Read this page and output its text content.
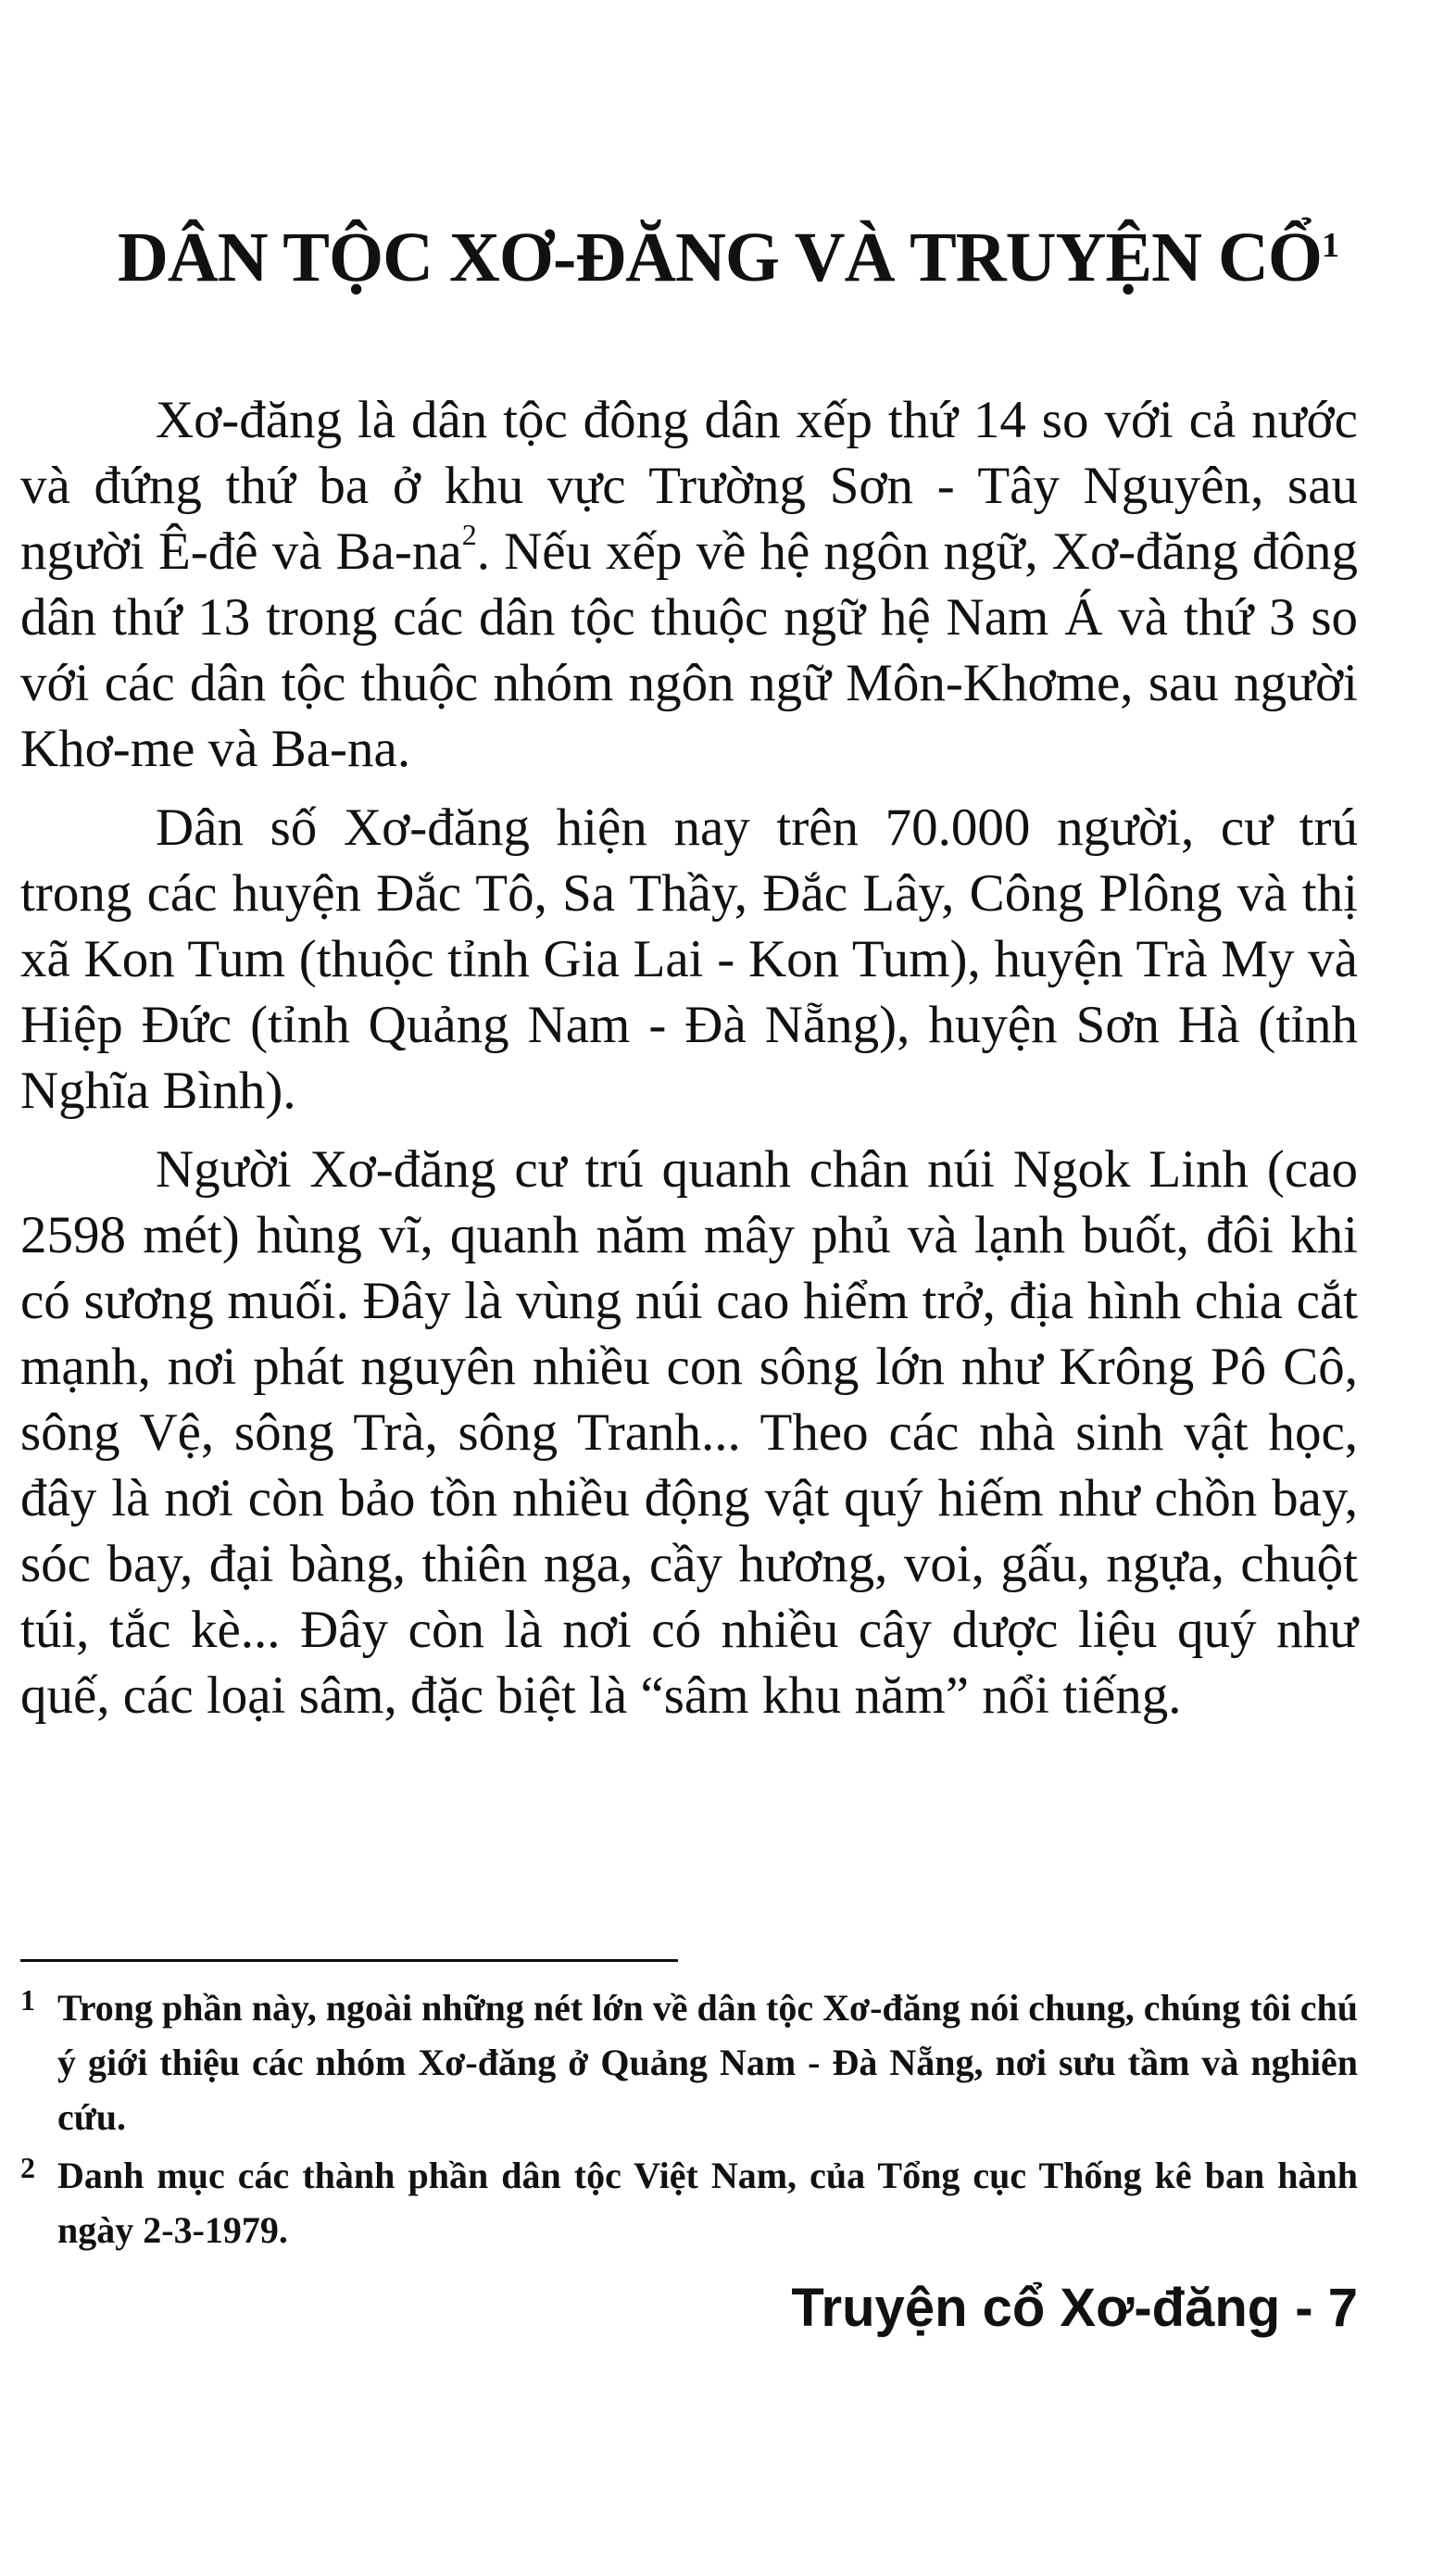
DÂN TỘC XƠ-ĐĂNG VÀ TRUYỆN CỔ$^1$

Xơ-đăng là dân tộc đông dân xếp thứ 14 so với cả nước và đứng thứ ba ở khu vực Trường Sơn - Tây Nguyên, sau người Ê-đê và $Ba-na^2$. Nếu xếp về hệ ngôn ngữ, Xơ-đăng đông dân thứ 13 trong các dân tộc thuộc ngữ hệ Nam Á và thứ 3 so với các dân tộc thuộc nhóm ngôn ngữ Môn-Khơme, sau người Khơ-me và Ba-na.

Dân số Xơ-đăng hiện nay trên 70.000 người, cư trú trong các huyện Đắc Tô, Sa Thầy, Đắc Lây, Công Plông và thị xã Kon Tum (thuộc tỉnh Gia Lai - Kon Tum), huyện Trà My và Hiệp Đức (tỉnh Quảng Nam - Đà Nẵng), huyện Sơn Hà (tỉnh Nghĩa Bình).

Người Xơ-đăng cư trú quanh chân núi Ngok Linh (cao 2598 mét) hùng vĩ, quanh năm mây phủ và lạnh buốt, đôi khi có sương muối. Đây là vùng núi cao hiểm trở, địa hình chia cắt mạnh, nơi phát nguyên nhiều con sông lớn như Krông Pô Cô, sông Vệ, sông Trà, sông Tranh... Theo các nhà sinh vật học, đây là nơi còn bảo tồn nhiều động vật quý hiếm như chồn bay, sóc bay, đại bàng, thiên nga, cầy hương, voi, gấu, ngựa, chuột túi, tắc kè... Đây còn là nơi có nhiều cây dược liệu quý như quế, các loại sâm, đặc biệt là “sâm khu năm” nổi tiếng.

1 Trong phần này, ngoài những nét lớn về dân tộc Xơ-đăng nói chung, chúng tôi chú ý giới thiệu các nhóm Xơ-đăng ở Quảng Nam - Đà Nẵng, nơi sưu tầm và nghiên cứu.

2 Danh mục các thành phần dân tộc Việt Nam, của Tổng cục Thống kê ban hành ngày 2-3-1979.

Truyện cổ Xơ-đăng - 7
